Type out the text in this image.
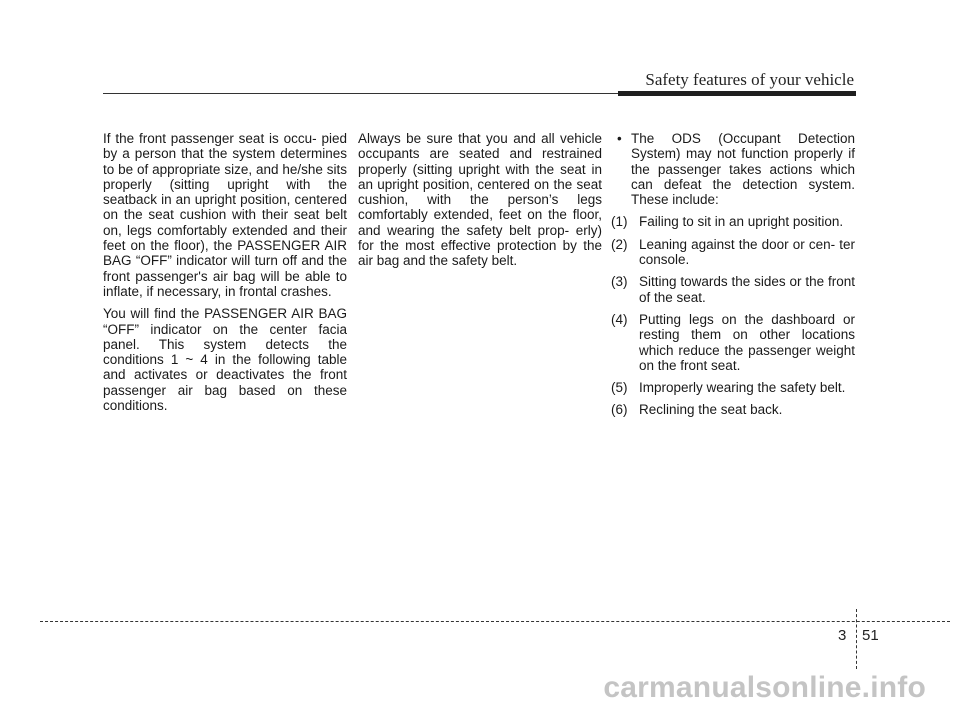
Safety features of your vehicle

If the front passenger seat is occu- pied by a person that the system determines to be of appropriate size, and he/she sits properly (sitting upright with the seatback in an upright position, centered on the seat cushion with their seat belt on, legs comfortably extended and their feet on the floor), the PASSENGER AIR BAG “OFF” indicator will turn off and the front passenger's air bag will be able to inflate, if necessary, in frontal crashes.

You will find the PASSENGER AIR BAG “OFF” indicator on the center facia panel. This system detects the conditions 1 ~ 4 in the following table and activates or deactivates the front passenger air bag based on these conditions.

Always be sure that you and all vehicle occupants are seated and restrained properly (sitting upright with the seat in an upright position, centered on the seat cushion, with the person’s legs comfortably extended, feet on the floor, and wearing the safety belt prop- erly) for the most effective protection by the air bag and the safety belt.

• The ODS (Occupant Detection System) may not function properly if the passenger takes actions which can defeat the detection system. These include:
(1) Failing to sit in an upright position.
(2) Leaning against the door or cen- ter console.
(3) Sitting towards the sides or the front of the seat.
(4) Putting legs on the dashboard or resting them on other locations which reduce the passenger weight on the front seat.
(5) Improperly wearing the safety belt.
(6) Reclining the seat back.
3 51
carmanualsonline.info
